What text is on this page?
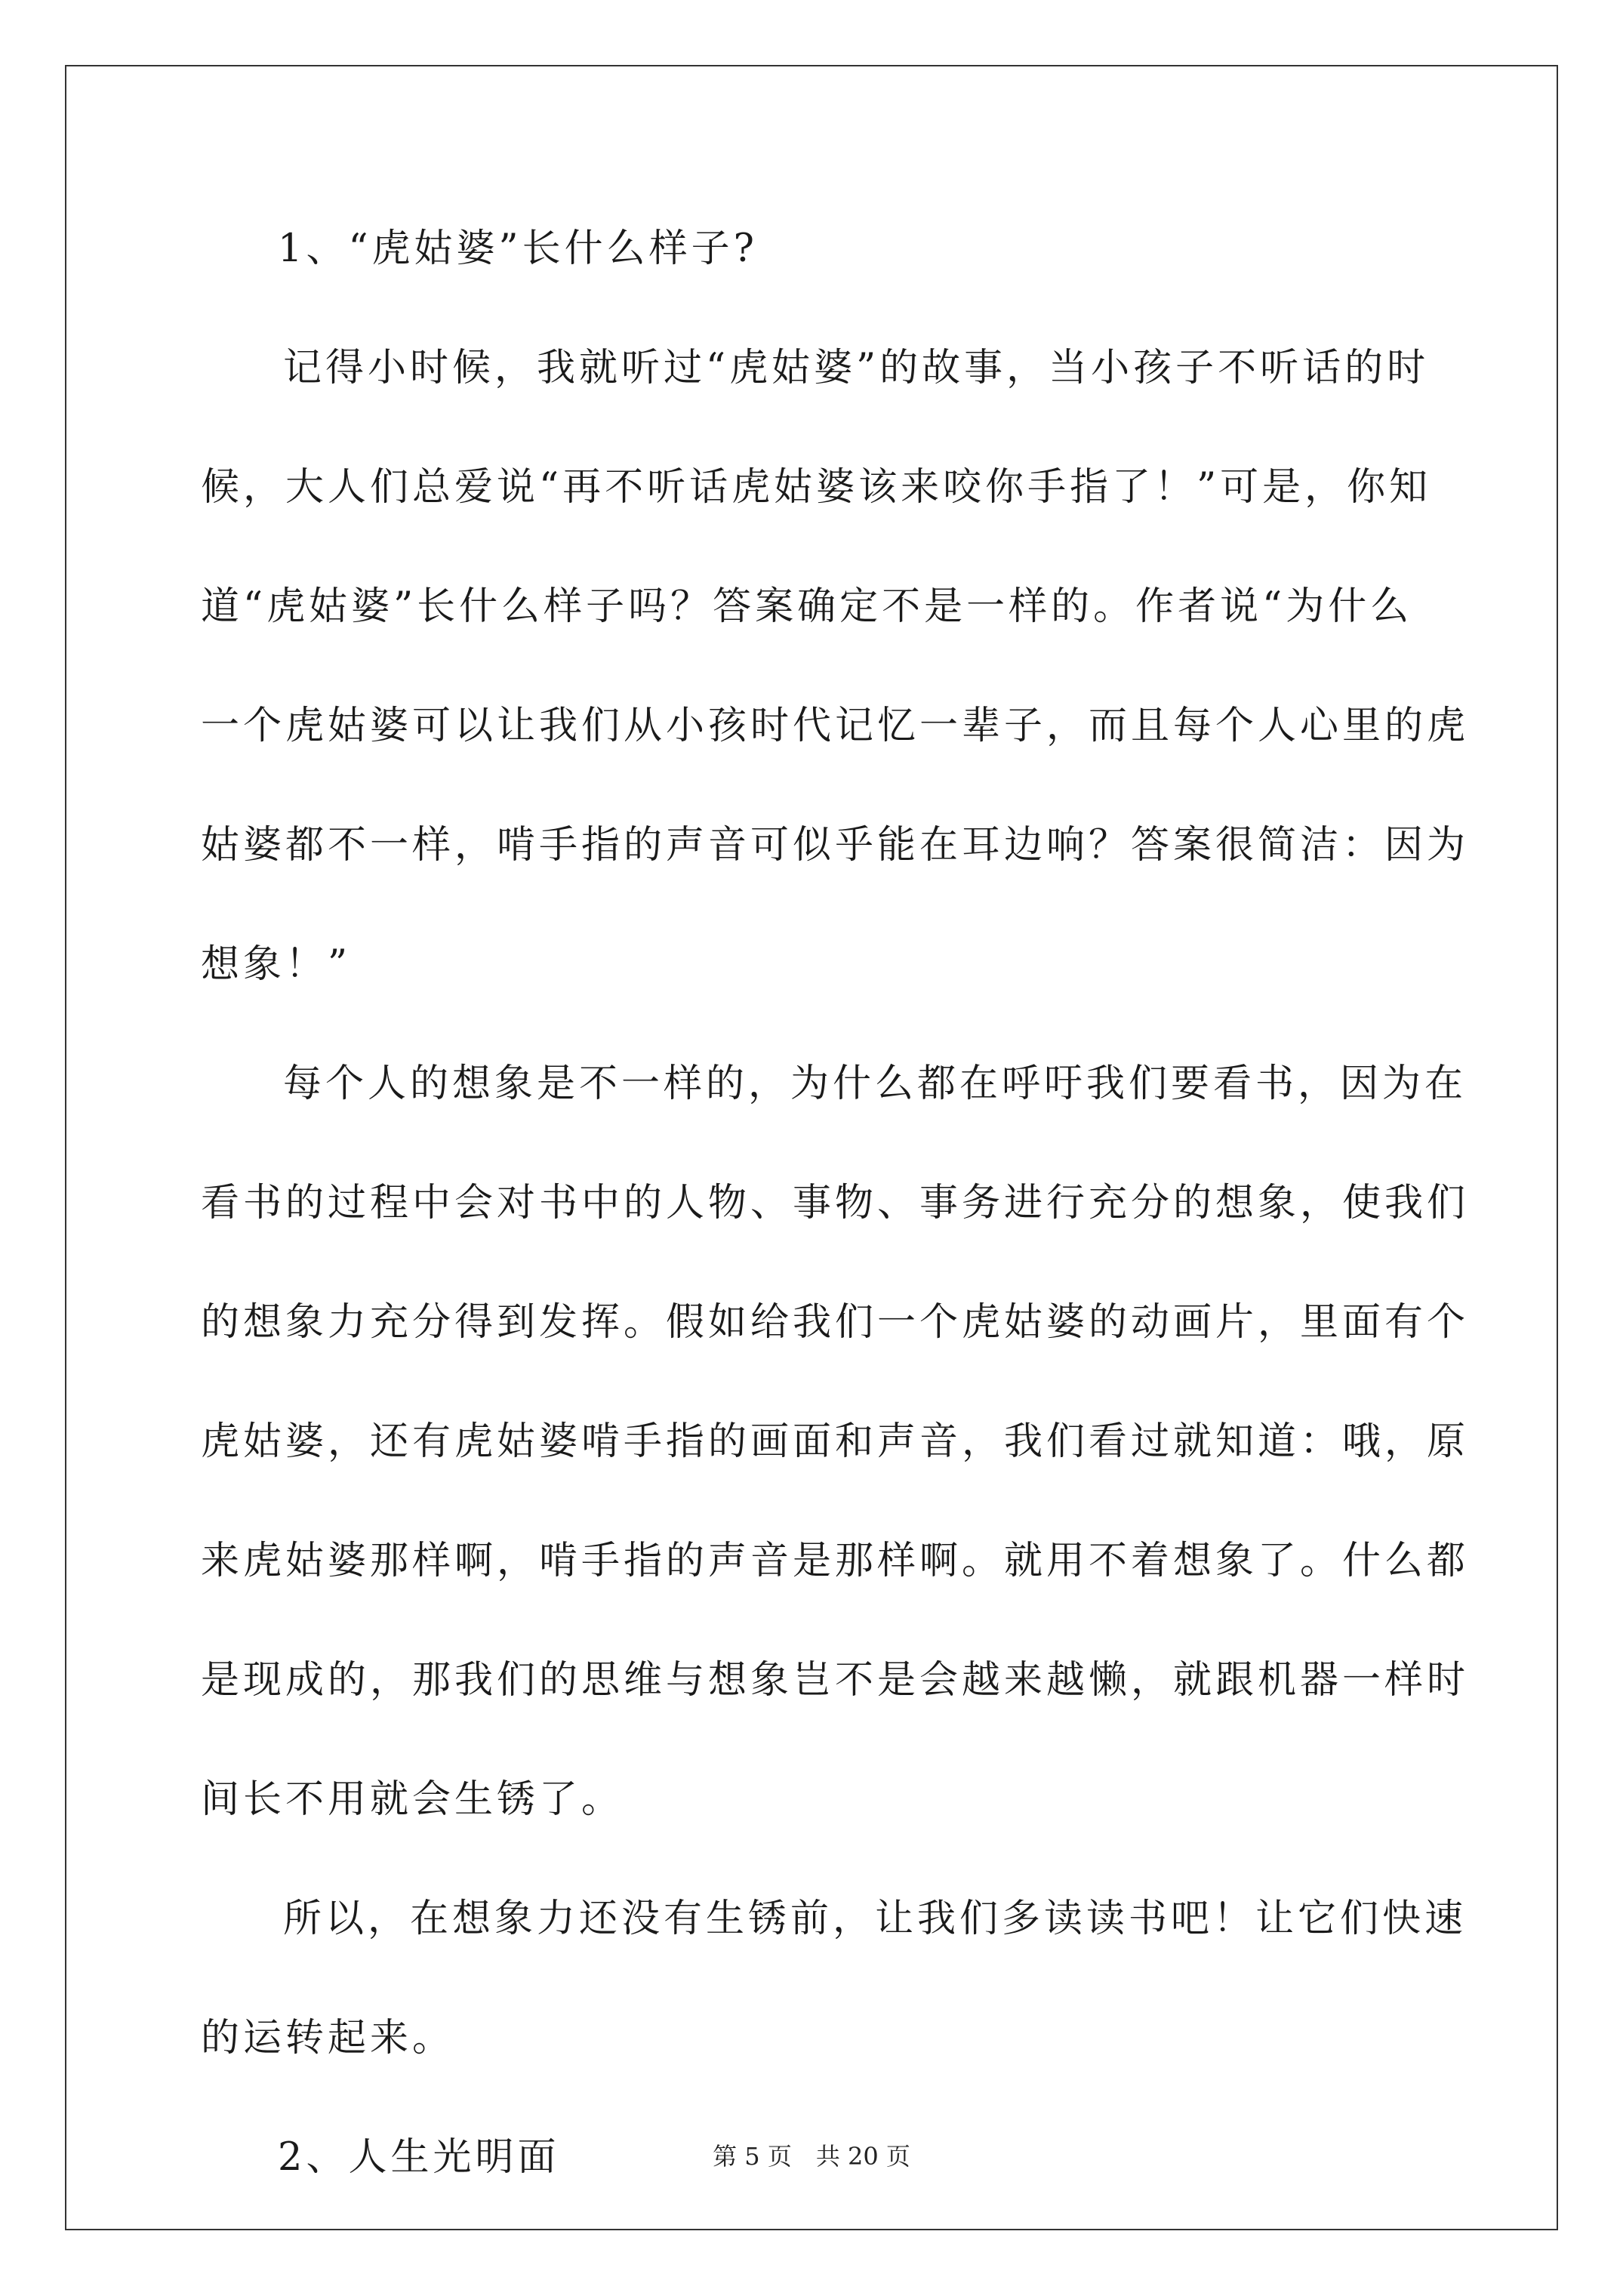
1、“虎姑婆”长什么样子?

记得小时候，我就听过“虎姑婆”的故事，当小孩子不听话的时

候，大人们总爱说“再不听话虎姑婆该来咬你手指了！”可是，你知

道“虎姑婆”长什么样子吗？答案确定不是一样的。作者说“为什么

一个虎姑婆可以让我们从小孩时代记忆一辈子，而且每个人心里的虎

姑婆都不一样，啃手指的声音可似乎能在耳边响？答案很简洁：因为

想象！”

每个人的想象是不一样的，为什么都在呼吁我们要看书，因为在

看书的过程中会对书中的人物、事物、事务进行充分的想象，使我们

的想象力充分得到发挥。假如给我们一个虎姑婆的动画片，里面有个

虎姑婆，还有虎姑婆啃手指的画面和声音，我们看过就知道：哦，原

来虎姑婆那样啊，啃手指的声音是那样啊。就用不着想象了。什么都

是现成的，那我们的思维与想象岂不是会越来越懒，就跟机器一样时

间长不用就会生锈了。

所以，在想象力还没有生锈前，让我们多读读书吧！让它们快速

的运转起来。

2、人生光明面	第 5 页　共 20 页
